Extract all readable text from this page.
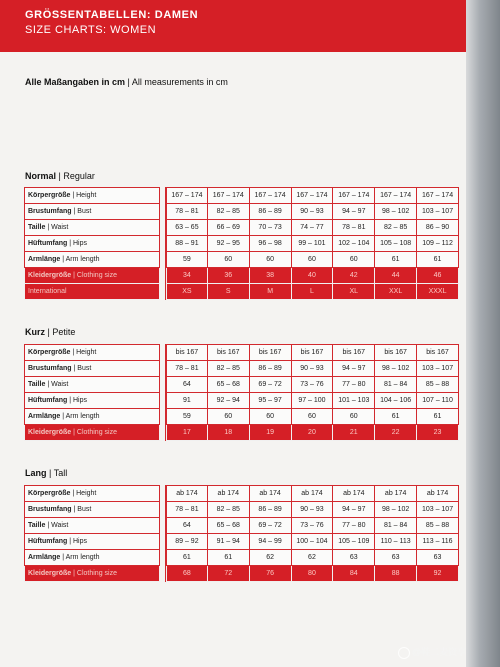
GRÖSSENTABELLEN: DAMEN
SIZE CHARTS: WOMEN
Alle Maßangaben in cm | All measurements in cm
Normal | Regular
Körpergröße | Height		167 – 174	167 – 174	167 – 174	167 – 174	167 – 174	167 – 174	167 – 174
Brustumfang | Bust		78 – 81	82 – 85	86 – 89	90 – 93	94 – 97	98 – 102	103 – 107
Taille | Waist		63 – 65	66 – 69	70 – 73	74 – 77	78 – 81	82 – 85	86 – 90
Hüftumfang | Hips		88 – 91	92 – 95	96 – 98	99 – 101	102 – 104	105 – 108	109 – 112
Armlänge | Arm length		59	60	60	60	60	61	61
Kleidergröße | Clothing size		34	36	38	40	42	44	46
International		XS	S	M	L	XL	XXL	XXXL
Kurz | Petite
Körpergröße | Height		bis 167	bis 167	bis 167	bis 167	bis 167	bis 167	bis 167
Brustumfang | Bust		78 – 81	82 – 85	86 – 89	90 – 93	94 – 97	98 – 102	103 – 107
Taille | Waist		64	65 – 68	69 – 72	73 – 76	77 – 80	81 – 84	85 – 88
Hüftumfang | Hips		91	92 – 94	95 – 97	97 – 100	101 – 103	104 – 106	107 – 110
Armlänge | Arm length		59	60	60	60	60	61	61
Kleidergröße | Clothing size		17	18	19	20	21	22	23
Lang | Tall
Körpergröße | Height		ab 174	ab 174	ab 174	ab 174	ab 174	ab 174	ab 174
Brustumfang | Bust		78 – 81	82 – 85	86 – 89	90 – 93	94 – 97	98 – 102	103 – 107
Taille | Waist		64	65 – 68	69 – 72	73 – 76	77 – 80	81 – 84	85 – 88
Hüftumfang | Hips		89 – 92	91 – 94	94 – 99	100 – 104	105 – 109	110 – 113	113 – 116
Armlänge | Arm length		61	61	62	62	63	63	63
Kleidergröße | Clothing size		68	72	76	80	84	88	92
@鞋二麦资享
